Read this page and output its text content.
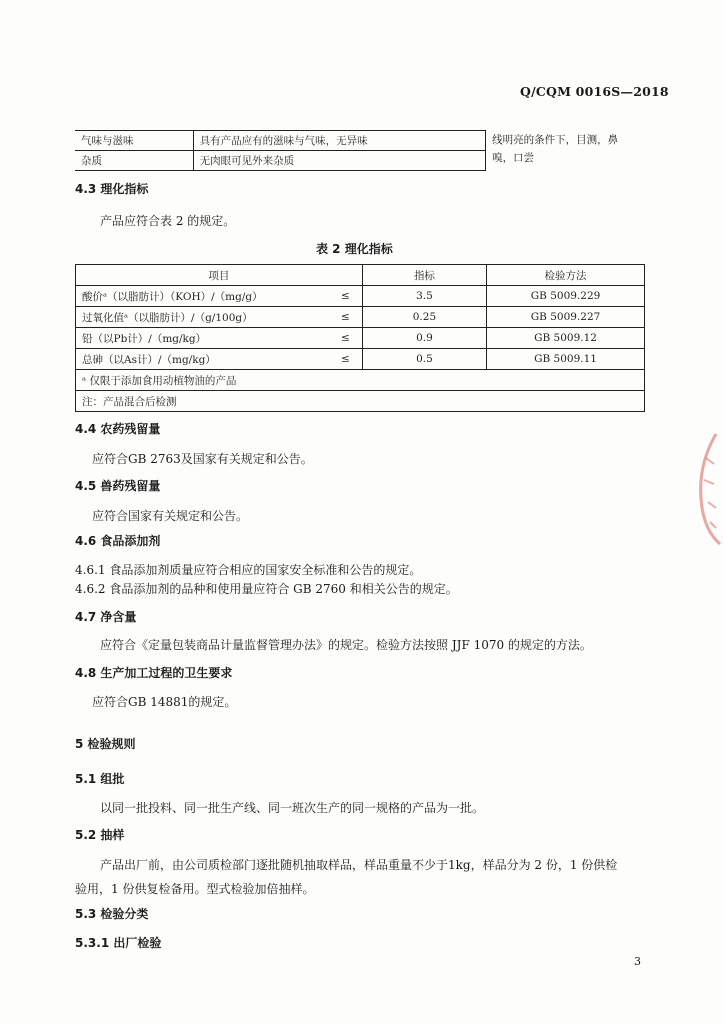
Q/CQM 0016S—2018
气味与滋味	具有产品应有的滋味与气味，无异味	线明亮的条件下，目测，鼻嗅，口尝
杂质	无肉眼可见外来杂质	
4.3 理化指标
产品应符合表 2 的规定。
表 2 理化指标
项目		指标	检验方法
酸价ᵃ（以脂肪计）（KOH）/（mg/g）	≤	3.5	GB 5009.229
过氧化值ᵃ（以脂肪计）/（g/100g）	≤	0.25	GB 5009.227
铅（以Pb计）/（mg/kg）	≤	0.9	GB 5009.12
总砷（以As计）/（mg/kg）	≤	0.5	GB 5009.11
ᵃ 仅限于添加食用动植物油的产品			
注：产品混合后检测			
4.4 农药残留量
应符合GB 2763及国家有关规定和公告。
4.5 兽药残留量
应符合国家有关规定和公告。
4.6 食品添加剂
4.6.1 食品添加剂质量应符合相应的国家安全标准和公告的规定。
4.6.2 食品添加剂的品种和使用量应符合 GB 2760 和相关公告的规定。
4.7 净含量
应符合《定量包装商品计量监督管理办法》的规定。检验方法按照 JJF 1070 的规定的方法。
4.8 生产加工过程的卫生要求
应符合GB 14881的规定。
5 检验规则
5.1 组批
以同一批投料、同一批生产线、同一班次生产的同一规格的产品为一批。
5.2 抽样
产品出厂前，由公司质检部门逐批随机抽取样品，样品重量不少于1kg，样品分为 2 份，1 份供检
验用，1 份供复检备用。型式检验加倍抽样。
5.3 检验分类
5.3.1 出厂检验
3
